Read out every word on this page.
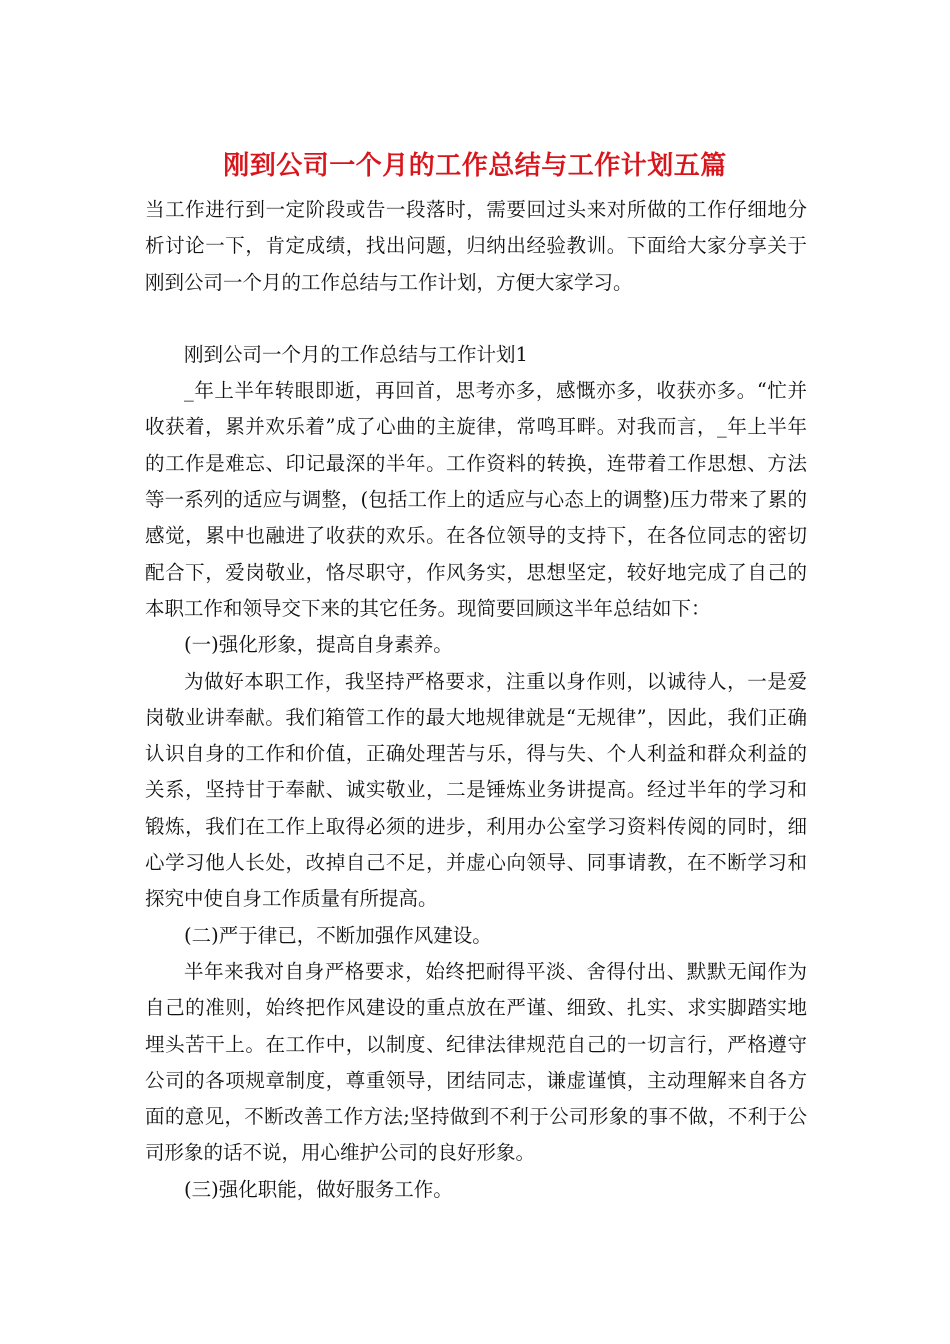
刚到公司一个月的工作总结与工作计划五篇

当工作进行到一定阶段或告一段落时，需要回过头来对所做的工作仔细地分析讨论一下，肯定成绩，找出问题，归纳出经验教训。下面给大家分享关于刚到公司一个月的工作总结与工作计划，方便大家学习。

刚到公司一个月的工作总结与工作计划1

_年上半年转眼即逝，再回首，思考亦多，感慨亦多，收获亦多。“忙并收获着，累并欢乐着”成了心曲的主旋律，常鸣耳畔。对我而言，_年上半年的工作是难忘、印记最深的半年。工作资料的转换，连带着工作思想、方法等一系列的适应与调整，(包括工作上的适应与心态上的调整)压力带来了累的感觉，累中也融进了收获的欢乐。在各位领导的支持下，在各位同志的密切配合下，爱岗敬业，恪尽职守，作风务实，思想坚定，较好地完成了自己的本职工作和领导交下来的其它任务。现简要回顾这半年总结如下：

(一)强化形象，提高自身素养。

为做好本职工作，我坚持严格要求，注重以身作则，以诚待人，一是爱岗敬业讲奉献。我们箱管工作的最大地规律就是“无规律”，因此，我们正确认识自身的工作和价值，正确处理苦与乐，得与失、个人利益和群众利益的关系，坚持甘于奉献、诚实敬业，二是锤炼业务讲提高。经过半年的学习和锻炼，我们在工作上取得必须的进步，利用办公室学习资料传阅的同时，细心学习他人长处，改掉自己不足，并虚心向领导、同事请教，在不断学习和探究中使自身工作质量有所提高。

(二)严于律已，不断加强作风建设。

半年来我对自身严格要求，始终把耐得平淡、舍得付出、默默无闻作为自己的准则，始终把作风建设的重点放在严谨、细致、扎实、求实脚踏实地埋头苦干上。在工作中，以制度、纪律法律规范自己的一切言行，严格遵守公司的各项规章制度，尊重领导，团结同志，谦虚谨慎，主动理解来自各方面的意见，不断改善工作方法;坚持做到不利于公司形象的事不做，不利于公司形象的话不说，用心维护公司的良好形象。

(三)强化职能，做好服务工作。
